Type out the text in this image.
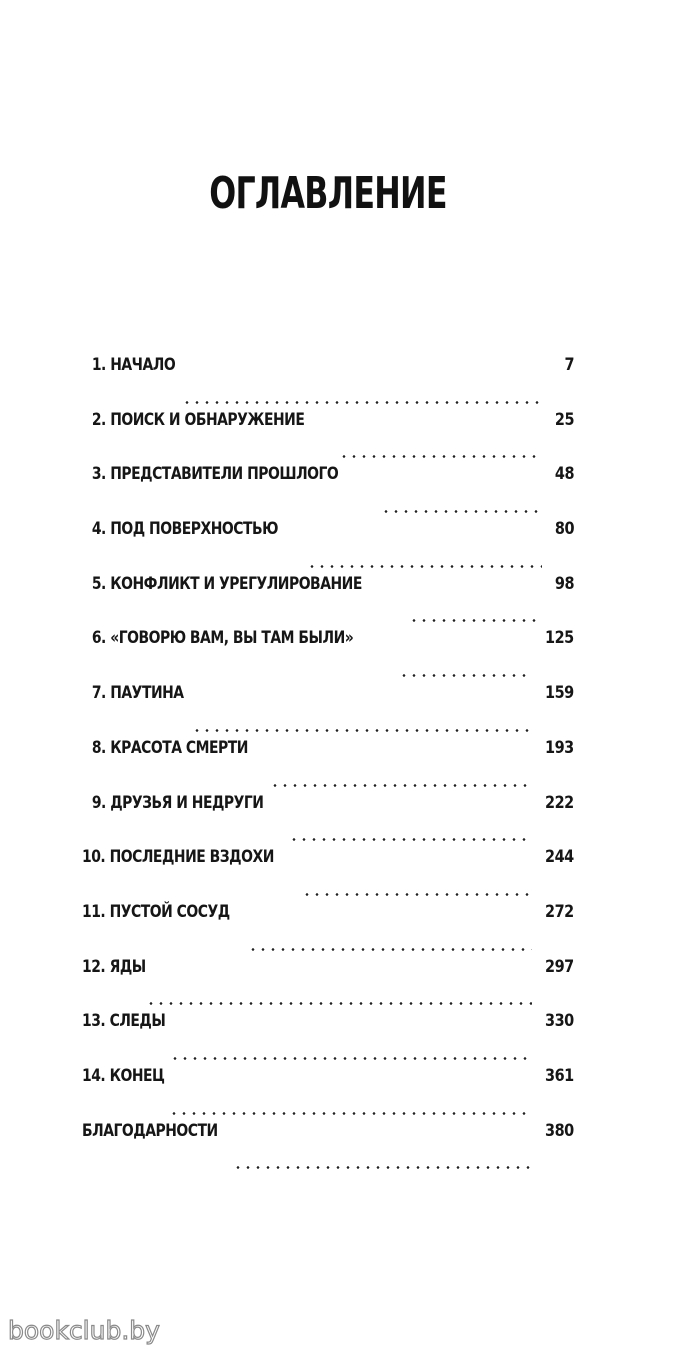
ОГЛАВЛЕНИЕ
1. НАЧАЛО	7
2. ПОИСК И ОБНАРУЖЕНИЕ	25
3. ПРЕДСТАВИТЕЛИ ПРОШЛОГО	48
4. ПОД ПОВЕРХНОСТЬЮ	80
5. КОНФЛИКТ И УРЕГУЛИРОВАНИЕ	98
6. «ГОВОРЮ ВАМ, ВЫ ТАМ БЫЛИ»	125
7. ПАУТИНА	159
8. КРАСОТА СМЕРТИ	193
9. ДРУЗЬЯ И НЕДРУГИ	222
10. ПОСЛЕДНИЕ ВЗДОХИ	244
11. ПУСТОЙ СОСУД	272
12. ЯДЫ	297
13. СЛЕДЫ	330
14. КОНЕЦ	361
БЛАГОДАРНОСТИ	380
bookclub.by
